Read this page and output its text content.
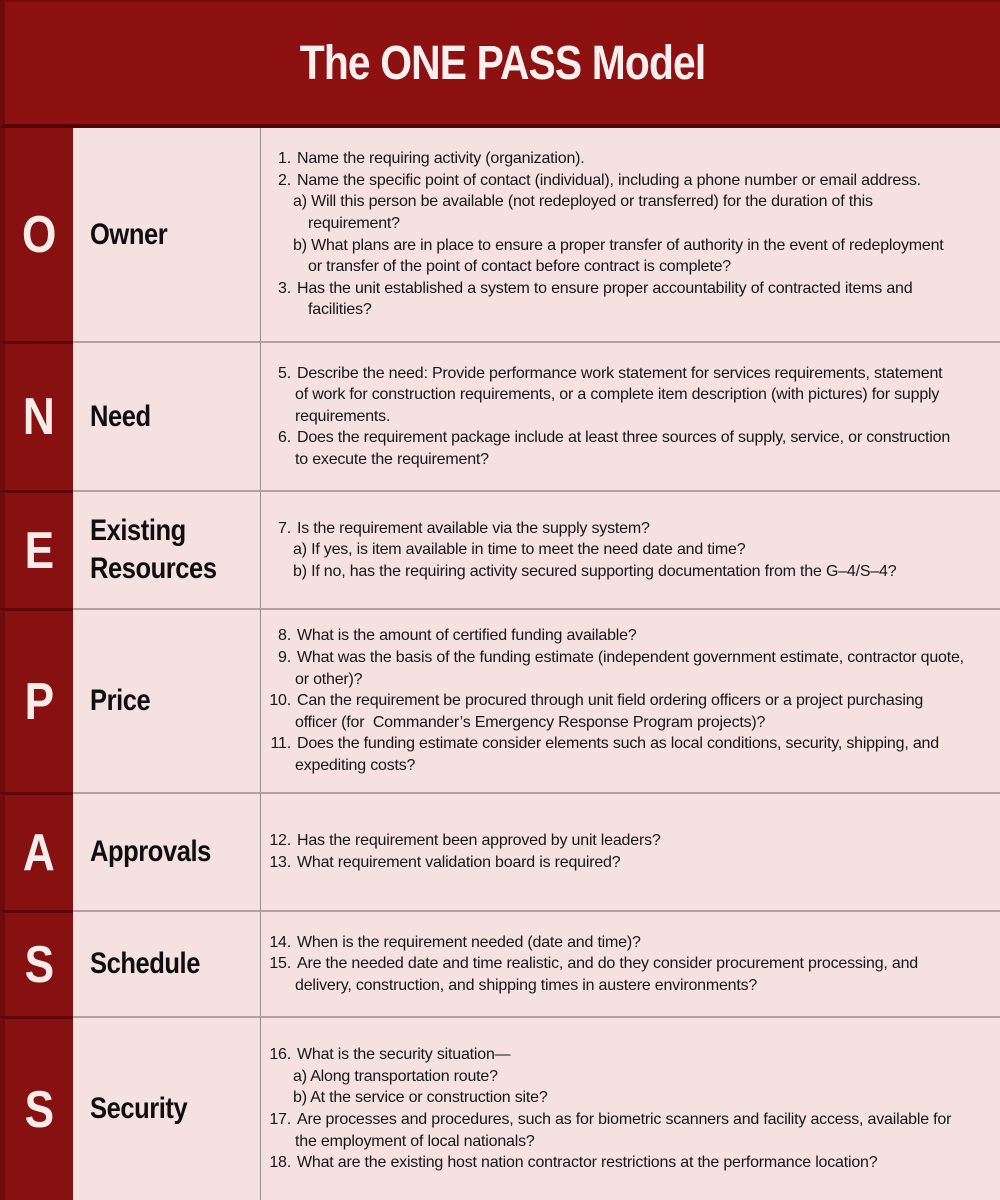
The ONE PASS Model
O Owner
1. Name the requiring activity (organization).
2. Name the specific point of contact (individual), including a phone number or email address.
a) Will this person be available (not redeployed or transferred) for the duration of this
requirement?
b) What plans are in place to ensure a proper transfer of authority in the event of redeployment
or transfer of the point of contact before contract is complete?
3. Has the unit established a system to ensure proper accountability of contracted items and
facilities?
N Need
5. Describe the need: Provide performance work statement for services requirements, statement
of work for construction requirements, or a complete item description (with pictures) for supply
requirements.
6. Does the requirement package include at least three sources of supply, service, or construction
to execute the requirement?
E Existing Resources
7. Is the requirement available via the supply system?
a) If yes, is item available in time to meet the need date and time?
b) If no, has the requiring activity secured supporting documentation from the G–4/S–4?
P Price
8. What is the amount of certified funding available?
9. What was the basis of the funding estimate (independent government estimate, contractor quote,
or other)?
10. Can the requirement be procured through unit field ordering officers or a project purchasing
officer (for  Commander’s Emergency Response Program projects)?
11. Does the funding estimate consider elements such as local conditions, security, shipping, and
expediting costs?
A Approvals	12. Has the requirement been approved by unit leaders?
13. What requirement validation board is required?
S Schedule
14. When is the requirement needed (date and time)?
15. Are the needed date and time realistic, and do they consider procurement processing, and
delivery, construction, and shipping times in austere environments?
S Security
16. What is the security situation—
a) Along transportation route?
b) At the service or construction site?
17. Are processes and procedures, such as for biometric scanners and facility access, available for
the employment of local nationals?
18. What are the existing host nation contractor restrictions at the performance location?
